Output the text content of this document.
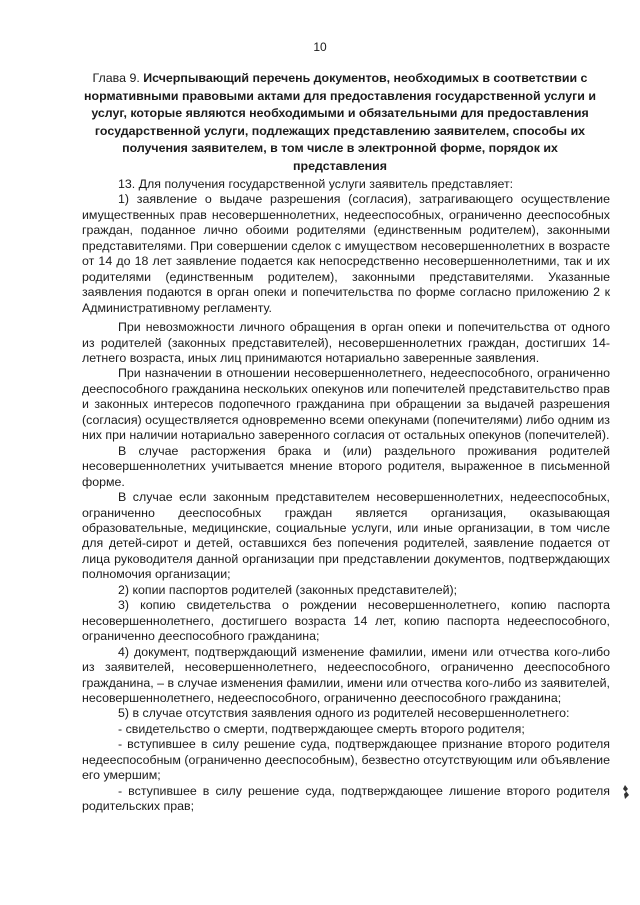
10
Глава 9. Исчерпывающий перечень документов, необходимых в соответствии с нормативными правовыми актами для предоставления государственной услуги и услуг, которые являются необходимыми и обязательными для предоставления государственной услуги, подлежащих представлению заявителем, способы их получения заявителем, в том числе в электронной форме, порядок их представления

13. Для получения государственной услуги заявитель представляет:

1) заявление о выдаче разрешения (согласия), затрагивающего осуществление имущественных прав несовершеннолетних, недееспособных, ограниченно дееспособных граждан, поданное лично обоими родителями (единственным родителем), законными представителями. При совершении сделок с имуществом несовершеннолетних в возрасте от 14 до 18 лет заявление подается как непосредственно несовершеннолетними, так и их родителями (единственным родителем), законными представителями. Указанные заявления подаются в орган опеки и попечительства по форме согласно приложению 2 к Административному регламенту.

При невозможности личного обращения в орган опеки и попечительства от одного из родителей (законных представителей), несовершеннолетних граждан, достигших 14-летнего возраста, иных лиц принимаются нотариально заверенные заявления.

При назначении в отношении несовершеннолетнего, недееспособного, ограниченно дееспособного гражданина нескольких опекунов или попечителей представительство прав и законных интересов подопечного гражданина при обращении за выдачей разрешения (согласия) осуществляется одновременно всеми опекунами (попечителями) либо одним из них при наличии нотариально заверенного согласия от остальных опекунов (попечителей).

В случае расторжения брака и (или) раздельного проживания родителей несовершеннолетних учитывается мнение второго родителя, выраженное в письменной форме.

В случае если законным представителем несовершеннолетних, недееспособных, ограниченно дееспособных граждан является организация, оказывающая образовательные, медицинские, социальные услуги, или иные организации, в том числе для детей-сирот и детей, оставшихся без попечения родителей, заявление подается от лица руководителя данной организации при представлении документов, подтверждающих полномочия организации;

2) копии паспортов родителей (законных представителей);

3) копию свидетельства о рождении несовершеннолетнего, копию паспорта несовершеннолетнего, достигшего возраста 14 лет, копию паспорта недееспособного, ограниченно дееспособного гражданина;

4) документ, подтверждающий изменение фамилии, имени или отчества кого-либо из заявителей, несовершеннолетнего, недееспособного, ограниченно дееспособного гражданина, – в случае изменения фамилии, имени или отчества кого-либо из заявителей, несовершеннолетнего, недееспособного, ограниченно дееспособного гражданина;

5) в случае отсутствия заявления одного из родителей несовершеннолетнего:

- свидетельство о смерти, подтверждающее смерть второго родителя;

- вступившее в силу решение суда, подтверждающее признание второго родителя недееспособным (ограниченно дееспособным), безвестно отсутствующим или объявление его умершим;

- вступившее в силу решение суда, подтверждающее лишение второго родителя родительских прав;
